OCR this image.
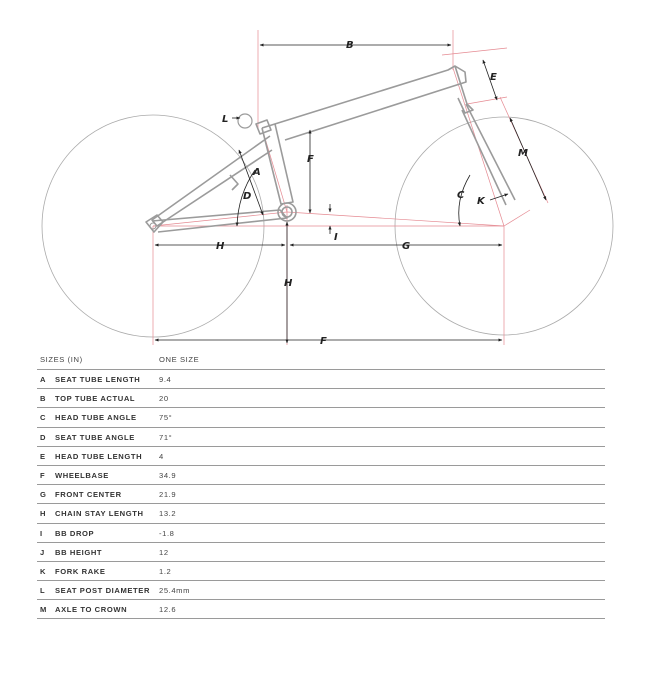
B
E
M
L
F
A
D	C
K
I
H	G
H
F
SIZES (IN)	ONE SIZE
A SEAT TUBE LENGTH 9.4
B TOP TUBE ACTUAL	20
C HEAD TUBE ANGLE	75°
D SEAT TUBE ANGLE	71°
E HEAD TUBE LENGTH 4
F WHEELBASE	34.9
G FRONT CENTER	21.9
H CHAIN STAY LENGTH 13.2
I BB DROP	-1.8
J BB HEIGHT	12
K FORK RAKE	1.2
L SEAT POST DIAMETER 25.4mm
M AXLE TO CROWN	12.6
